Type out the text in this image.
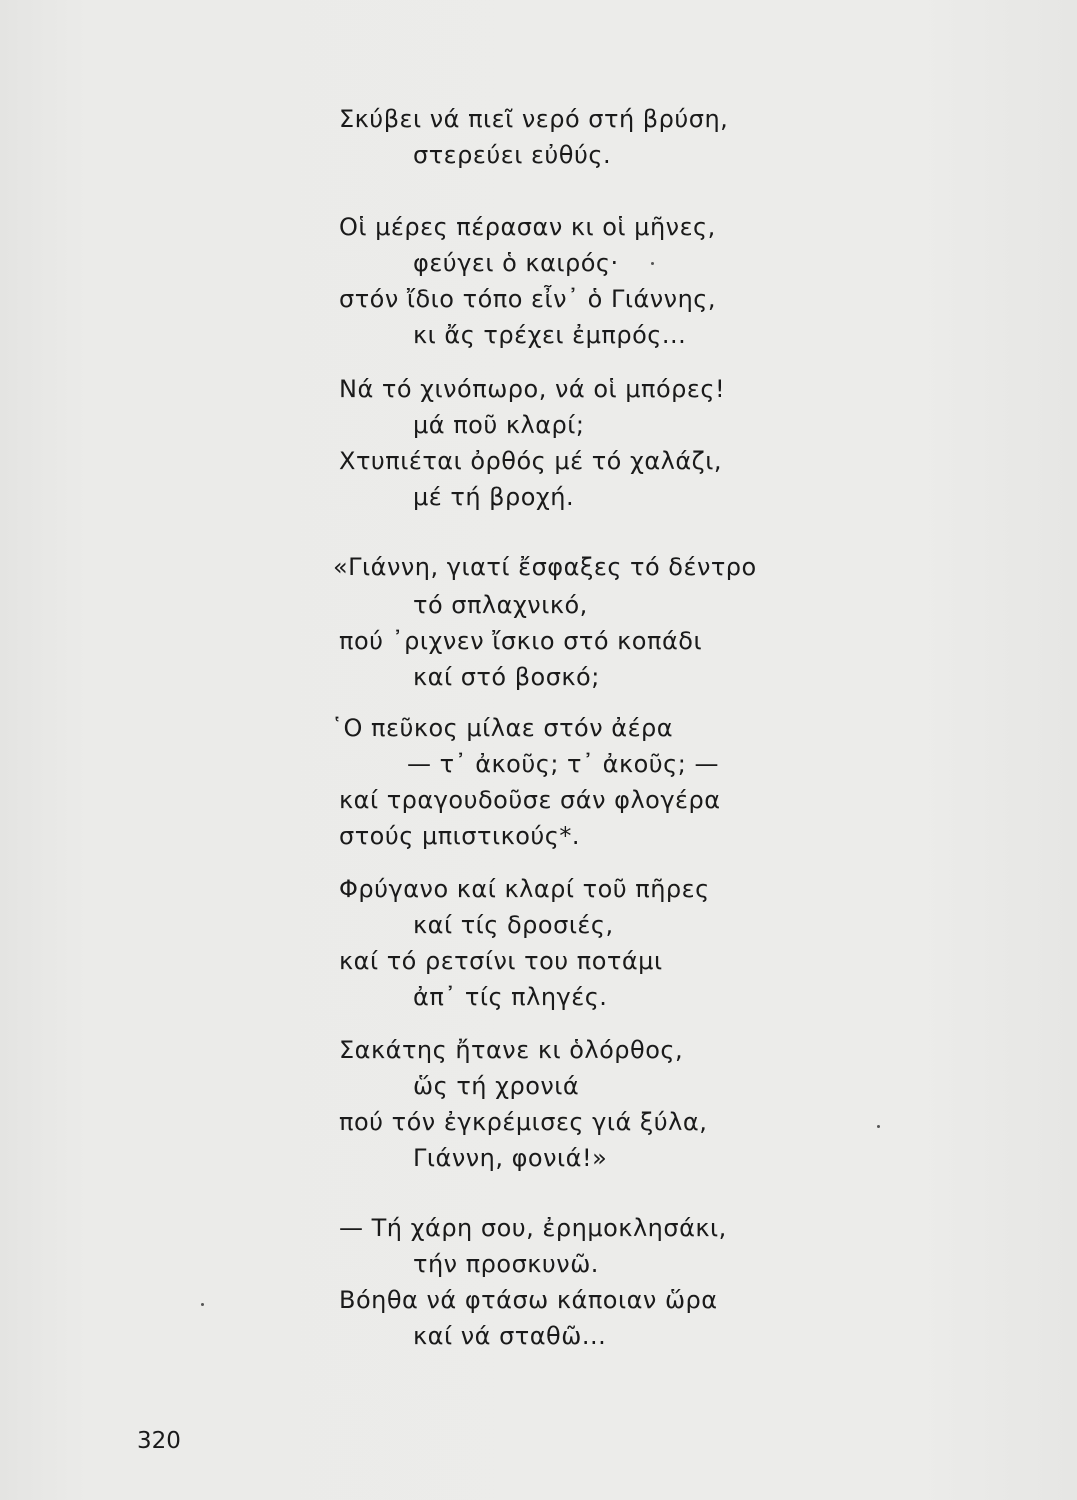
Σκύβει νά πιεῖ νερό στή βρύση,
στερεύει εὐθύς.
Οἱ μέρες πέρασαν κι οἱ μῆνες,
φεύγει ὁ καιρός·
στόν ἴδιο τόπο εἶν᾽ ὁ Γιάννης,
κι ἄς τρέχει ἐμπρός...
Νά τό χινόπωρο, νά οἱ μπόρες!
μά ποῦ κλαρί;
Χτυπιέται ὀρθός μέ τό χαλάζι,
μέ τή βροχή.
«Γιάννη, γιατί ἔσφαξες τό δέντρο
τό σπλαχνικό,
πού ᾽ριχνεν ἴσκιο στό κοπάδι
καί στό βοσκό;
῾Ο πεῦκος μίλαε στόν ἀέρα
— τ᾽ ἀκοῦς; τ᾽ ἀκοῦς; —
καί τραγουδοῦσε σάν φλογέρα
στούς μπιστικούς*.
Φρύγανο καί κλαρί τοῦ πῆρες
καί τίς δροσιές,
καί τό ρετσίνι του ποτάμι
ἀπ᾽ τίς πληγές.
Σακάτης ἤτανε κι ὁλόρθος,
ὥς τή χρονιά
πού τόν ἐγκρέμισες γιά ξύλα,
Γιάννη, φονιά!»
— Τή χάρη σου, ἐρημοκλησάκι,
τήν προσκυνῶ.
Βόηθα νά φτάσω κάποιαν ὥρα
καί νά σταθῶ...
320
